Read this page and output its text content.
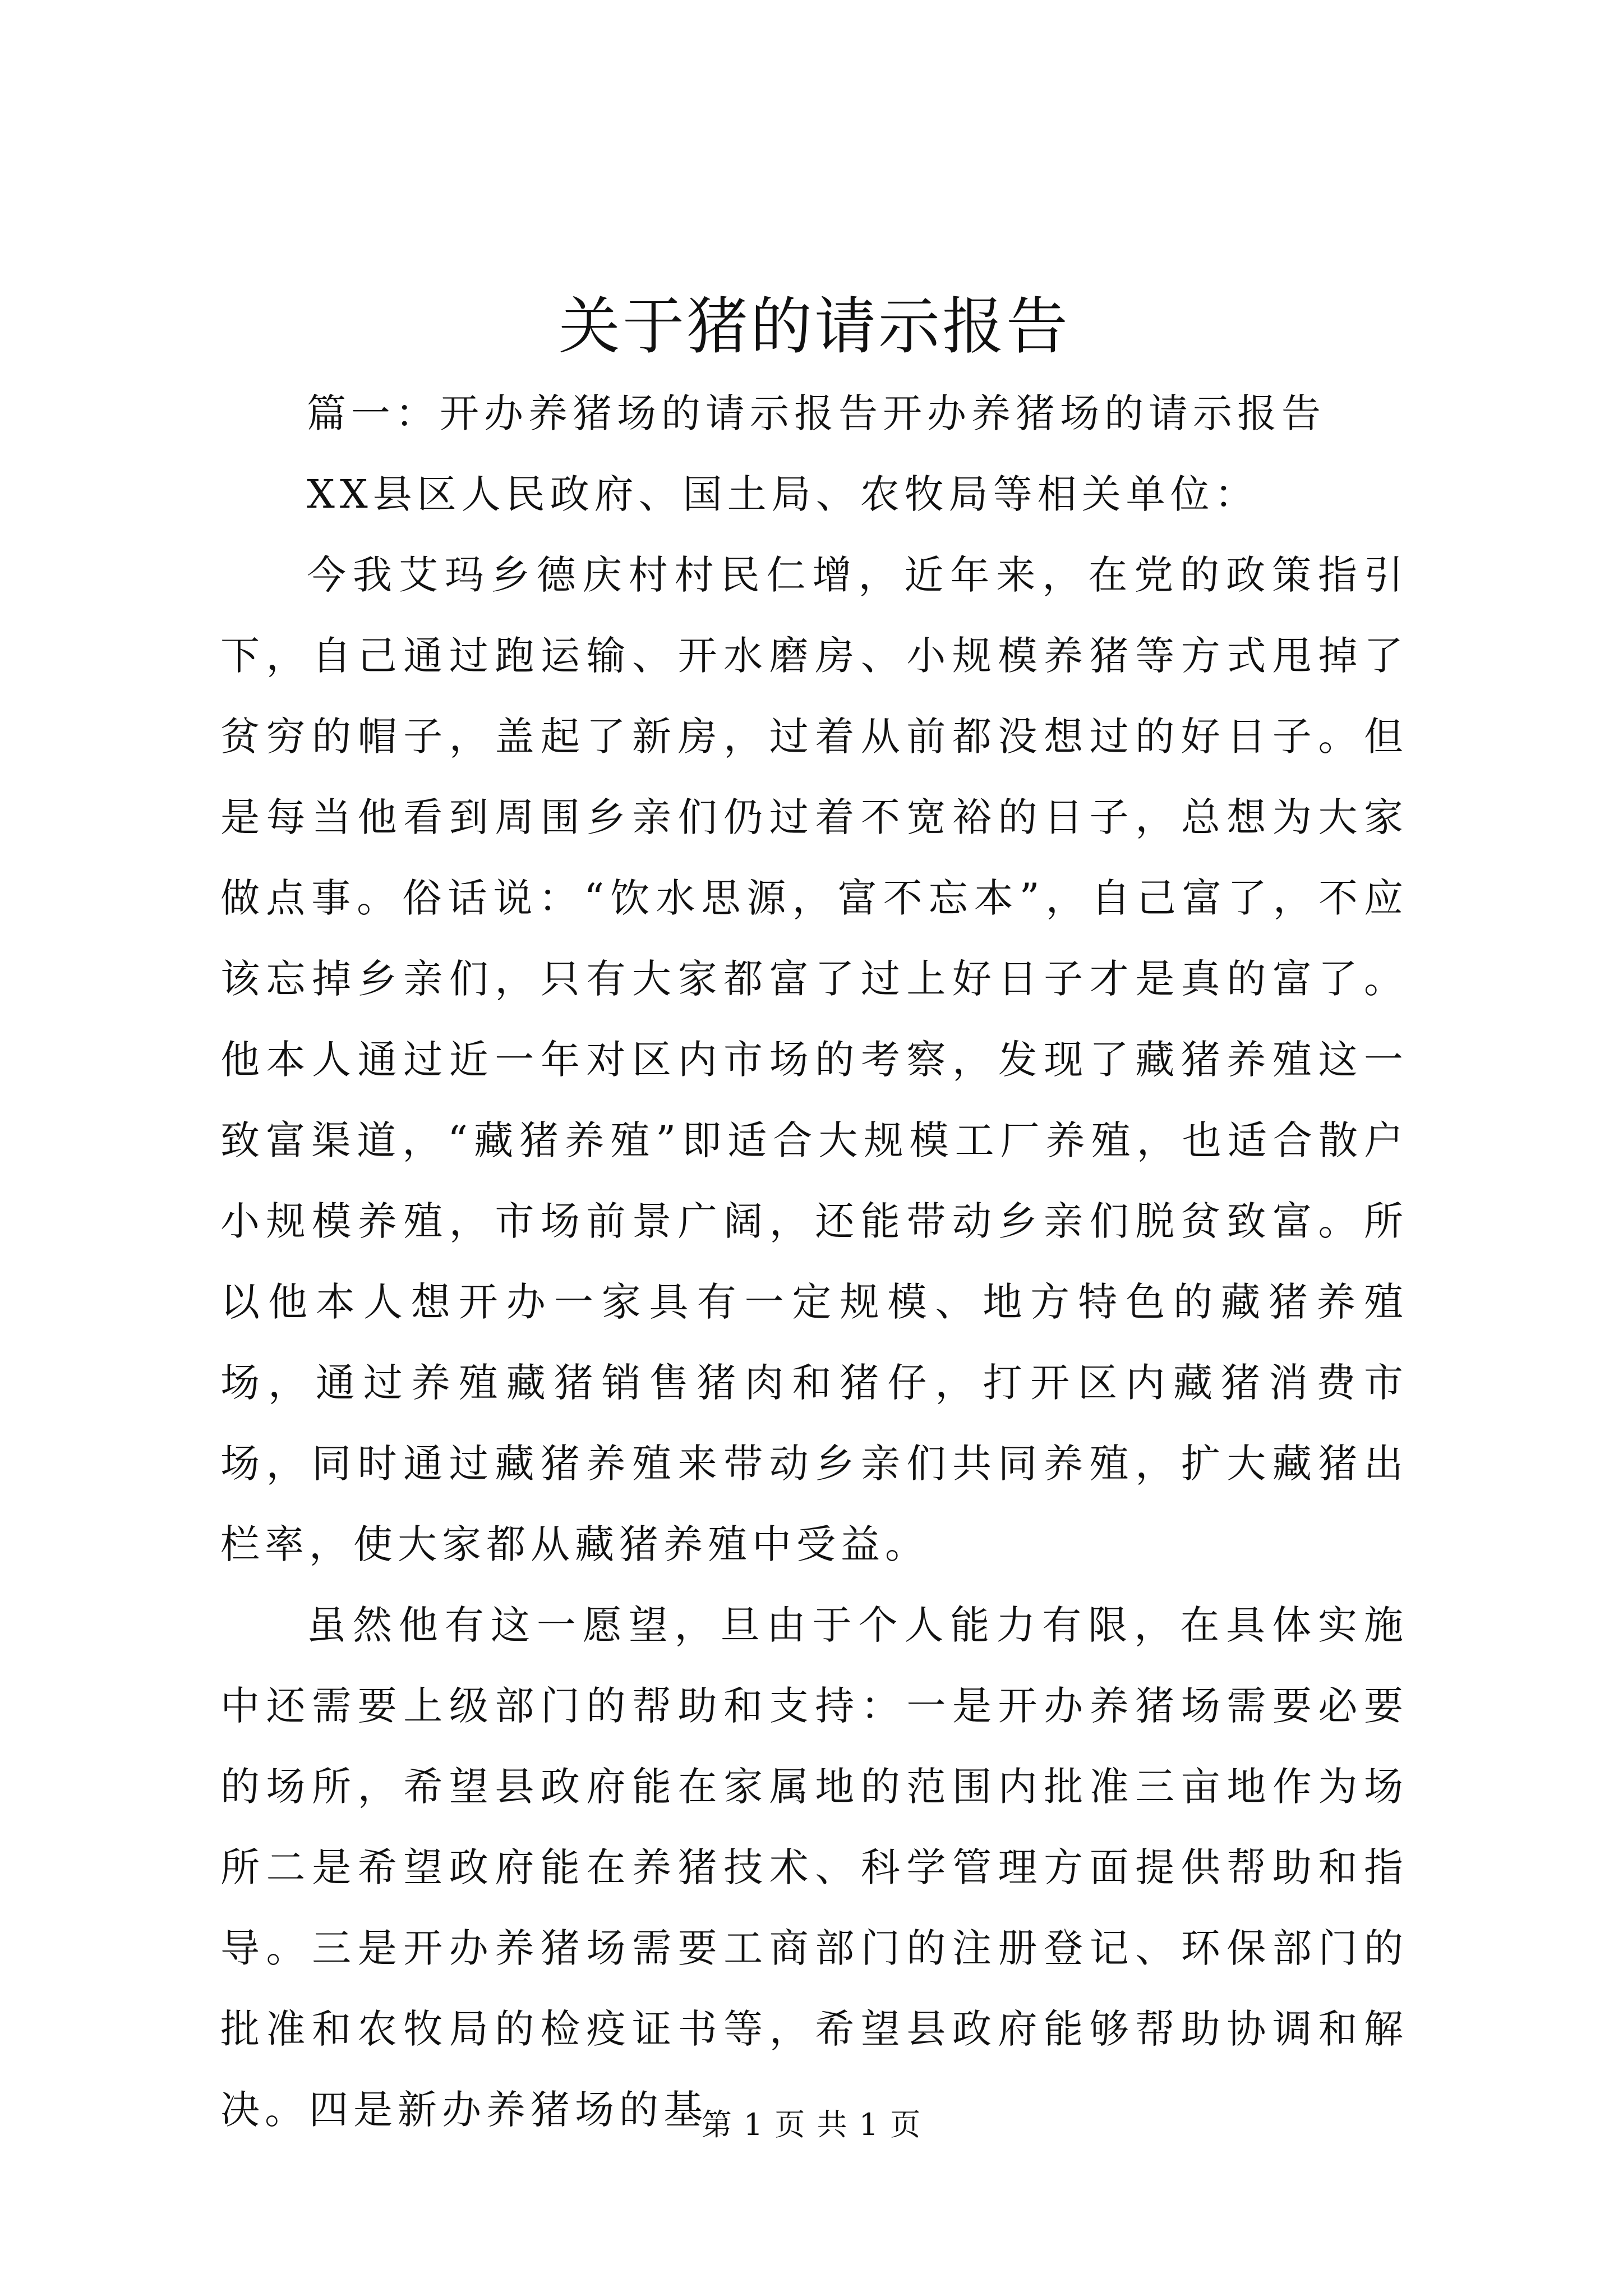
关于猪的请示报告

篇一：开办养猪场的请示报告开办养猪场的请示报告

XX县区人民政府、国土局、农牧局等相关单位：

今我艾玛乡德庆村村民仁增，近年来，在党的政策指引下，自己通过跑运输、开水磨房、小规模养猪等方式甩掉了贫穷的帽子，盖起了新房，过着从前都没想过的好日子。但是每当他看到周围乡亲们仍过着不宽裕的日子，总想为大家做点事。俗话说：“饮水思源，富不忘本”，自己富了，不应该忘掉乡亲们，只有大家都富了过上好日子才是真的富了。他本人通过近一年对区内市场的考察，发现了藏猪养殖这一致富渠道，“藏猪养殖”即适合大规模工厂养殖，也适合散户小规模养殖，市场前景广阔，还能带动乡亲们脱贫致富。所以他本人想开办一家具有一定规模、地方特色的藏猪养殖场，通过养殖藏猪销售猪肉和猪仔，打开区内藏猪消费市场，同时通过藏猪养殖来带动乡亲们共同养殖，扩大藏猪出栏率，使大家都从藏猪养殖中受益。

虽然他有这一愿望，旦由于个人能力有限，在具体实施中还需要上级部门的帮助和支持：一是开办养猪场需要必要的场所，希望县政府能在家属地的范围内批准三亩地作为场所二是希望政府能在养猪技术、科学管理方面提供帮助和指导。三是开办养猪场需要工商部门的注册登记、环保部门的批准和农牧局的检疫证书等，希望县政府能够帮助协调和解决。四是新办养猪场的基

第 1 页 共 1 页
